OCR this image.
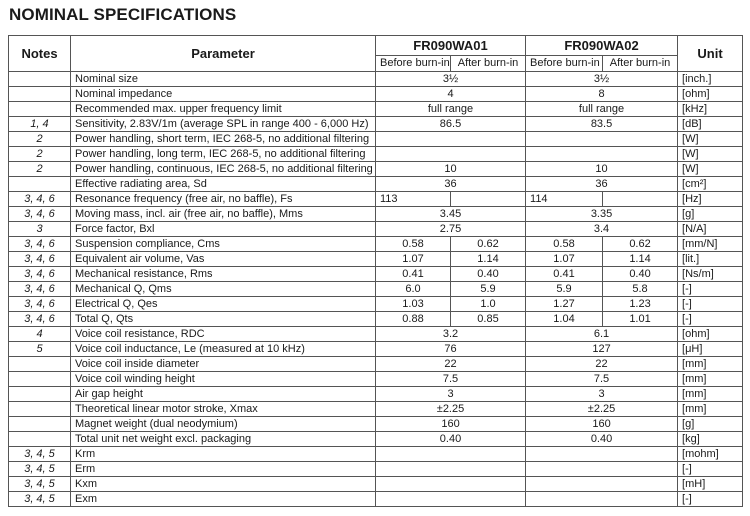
NOMINAL SPECIFICATIONS
Notes	Parameter	FR090WA01		FR090WA02		Unit
		Before burn-in	After burn-in	Before burn-in	After burn-in	
	Nominal size	3½		3½		[inch.]
	Nominal impedance	4		8		[ohm]
	Recommended max. upper frequency limit	full range		full range		[kHz]
1, 4	Sensitivity, 2.83V/1m (average SPL in range 400 - 6,000 Hz)	86.5		83.5		[dB]
2	Power handling, short term, IEC 268-5, no additional filtering					[W]
2	Power handling, long term, IEC 268-5, no additional filtering					[W]
2	Power handling, continuous, IEC 268-5, no additional filtering	10		10		[W]
	Effective radiating area, Sd	36		36		[cm²]
3, 4, 6	Resonance frequency (free air, no baffle), Fs	113		114		[Hz]
3, 4, 6	Moving mass, incl. air (free air, no baffle), Mms	3.45		3.35		[g]
3	Force factor, Bxl	2.75		3.4		[N/A]
3, 4, 6	Suspension compliance, Cms	0.58	0.62	0.58	0.62	[mm/N]
3, 4, 6	Equivalent air volume, Vas	1.07	1.14	1.07	1.14	[lit.]
3, 4, 6	Mechanical resistance, Rms	0.41	0.40	0.41	0.40	[Ns/m]
3, 4, 6	Mechanical Q, Qms	6.0	5.9	5.9	5.8	[-]
3, 4, 6	Electrical Q, Qes	1.03	1.0	1.27	1.23	[-]
3, 4, 6	Total Q, Qts	0.88	0.85	1.04	1.01	[-]
4	Voice coil resistance, RDC	3.2		6.1		[ohm]
5	Voice coil inductance, Le (measured at 10 kHz)	76		127		[μH]
	Voice coil inside diameter	22		22		[mm]
	Voice coil winding height	7.5		7.5		[mm]
	Air gap height	3		3		[mm]
	Theoretical linear motor stroke, Xmax	±2.25		±2.25		[mm]
	Magnet weight (dual neodymium)	160		160		[g]
	Total unit net weight excl. packaging	0.40		0.40		[kg]
3, 4, 5	Krm					[mohm]
3, 4, 5	Erm					[-]
3, 4, 5	Kxm					[mH]
3, 4, 5	Exm					[-]
